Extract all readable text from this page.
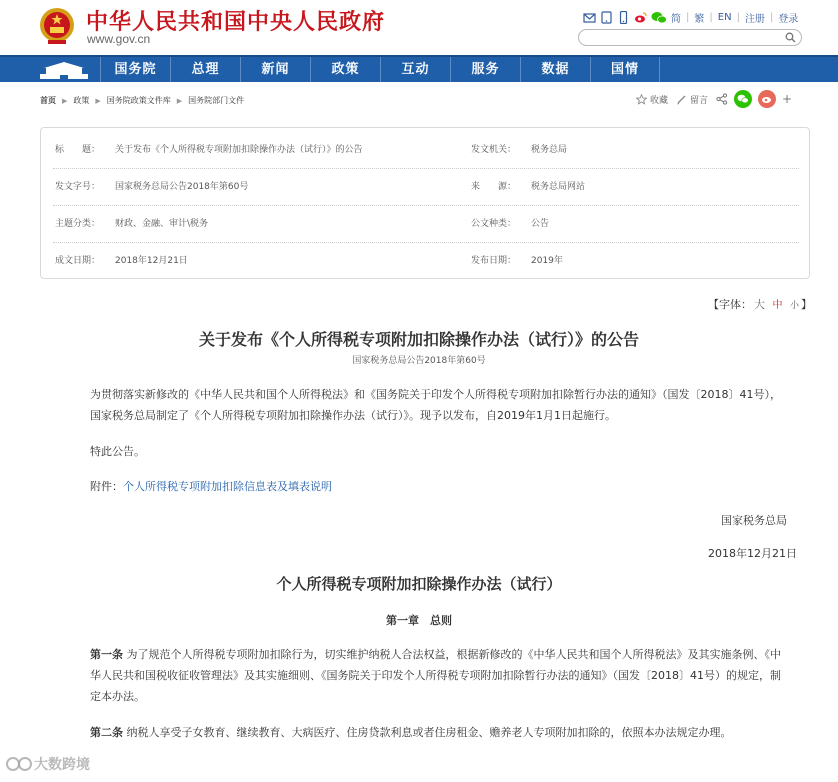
中华人民共和国中央人民政府
www.gov.cn
简 | 繁 | EN | 注册 | 登录
国务院	总理	新闻	政策	互动	服务	数据	国情
首页 ▶ 政策 ▶ 国务院政策文件库 ▶ 国务院部门文件	收藏 留言	+
标　　题： 关于发布《个人所得税专项附加扣除操作办法（试行）》的公告	发文机关： 税务总局
发文字号： 国家税务总局公告2018年第60号	来　　源： 税务总局网站
主题分类： 财政、金融、审计\税务	公文种类： 公告
成文日期： 2018年12月21日	发布日期： 2019年
【字体： 大 中 小 】
关于发布《个人所得税专项附加扣除操作办法（试行）》的公告
国家税务总局公告2018年第60号
为贯彻落实新修改的《中华人民共和国个人所得税法》和《国务院关于印发个人所得税专项附加扣除暂行办法的通知》（国发〔2018〕41号），国家税务总局制定了《个人所得税专项附加扣除操作办法（试行）》。现予以发布，自2019年1月1日起施行。
特此公告。
附件：个人所得税专项附加扣除信息表及填表说明
国家税务总局
2018年12月21日
个人所得税专项附加扣除操作办法（试行）
第一章　总则
第一条 为了规范个人所得税专项附加扣除行为，切实维护纳税人合法权益，根据新修改的《中华人民共和国个人所得税法》及其实施条例、《中华人民共和国税收征收管理法》及其实施细则、《国务院关于印发个人所得税专项附加扣除暂行办法的通知》（国发〔2018〕41号）的规定，制定本办法。
第二条 纳税人享受子女教育、继续教育、大病医疗、住房贷款利息或者住房租金、赡养老人专项附加扣除的，依照本办法规定办理。
大数跨境
